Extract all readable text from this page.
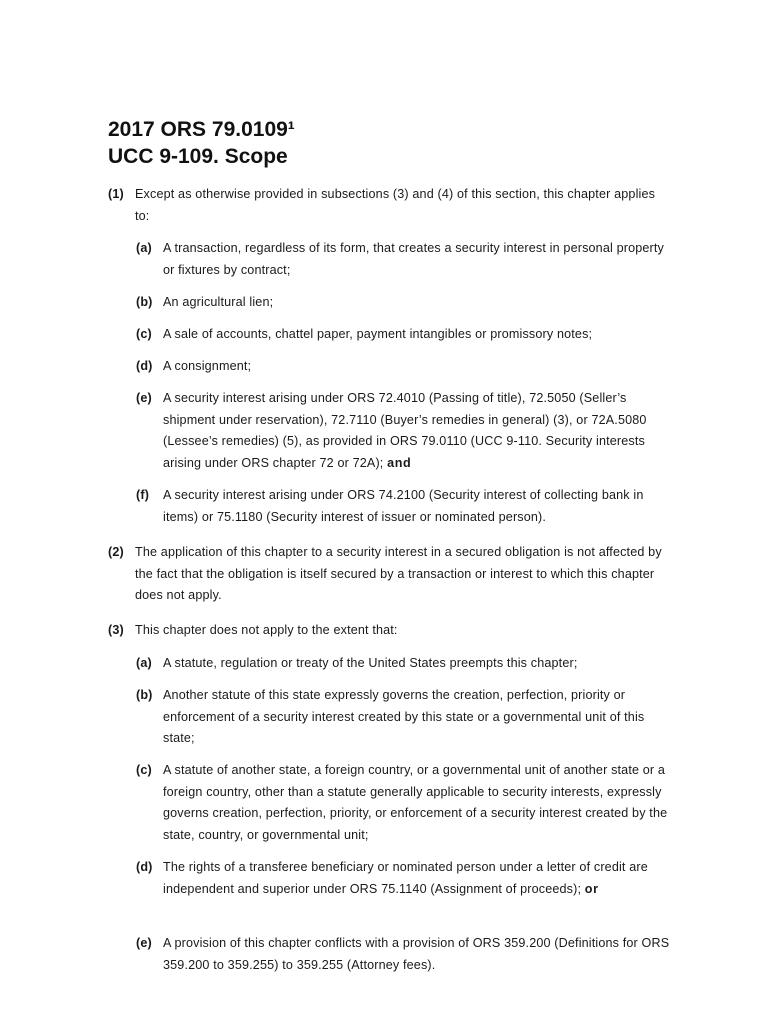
2017 ORS 79.0109¹
UCC 9-109. Scope
(1) Except as otherwise provided in subsections (3) and (4) of this section, this chapter applies to:
(a) A transaction, regardless of its form, that creates a security interest in personal property or fixtures by contract;
(b) An agricultural lien;
(c) A sale of accounts, chattel paper, payment intangibles or promissory notes;
(d) A consignment;
(e) A security interest arising under ORS 72.4010 (Passing of title), 72.5050 (Seller’s shipment under reservation), 72.7110 (Buyer’s remedies in general) (3), or 72A.5080 (Lessee’s remedies) (5), as provided in ORS 79.0110 (UCC 9-110. Security interests arising under ORS chapter 72 or 72A); and
(f) A security interest arising under ORS 74.2100 (Security interest of collecting bank in items) or 75.1180 (Security interest of issuer or nominated person).
(2) The application of this chapter to a security interest in a secured obligation is not affected by the fact that the obligation is itself secured by a transaction or interest to which this chapter does not apply.
(3) This chapter does not apply to the extent that:
(a) A statute, regulation or treaty of the United States preempts this chapter;
(b) Another statute of this state expressly governs the creation, perfection, priority or enforcement of a security interest created by this state or a governmental unit of this state;
(c) A statute of another state, a foreign country, or a governmental unit of another state or a foreign country, other than a statute generally applicable to security interests, expressly governs creation, perfection, priority, or enforcement of a security interest created by the state, country, or governmental unit;
(d) The rights of a transferee beneficiary or nominated person under a letter of credit are independent and superior under ORS 75.1140 (Assignment of proceeds); or
(e) A provision of this chapter conflicts with a provision of ORS 359.200 (Definitions for ORS 359.200 to 359.255) to 359.255 (Attorney fees).
